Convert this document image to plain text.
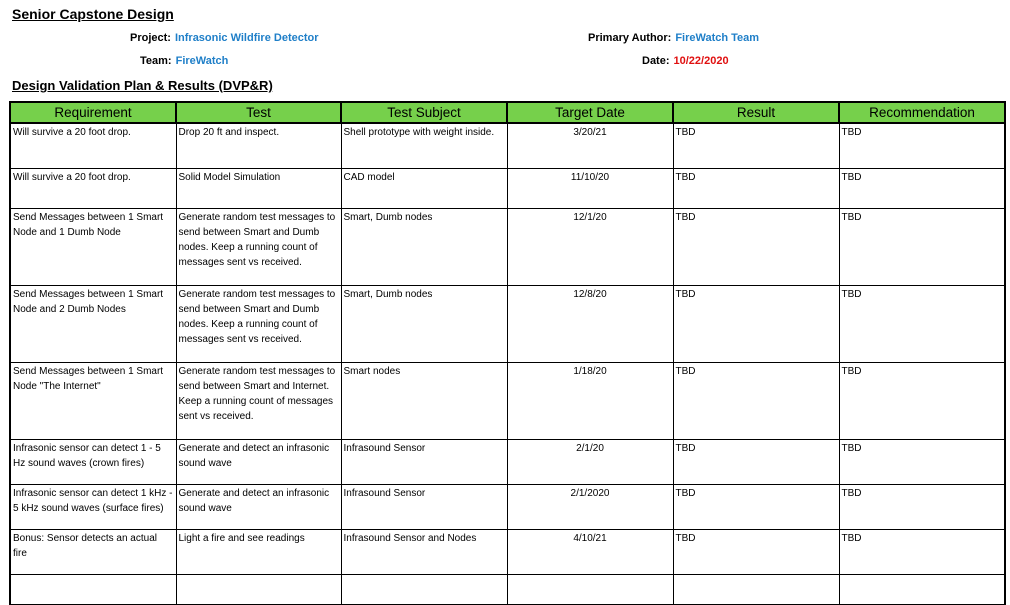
Senior Capstone Design
Project: Infrasonic Wildfire Detector
Team: FireWatch
Primary Author: FireWatch Team
Date: 10/22/2020
Design Validation Plan & Results (DVP&R)
Requirement	Test	Test Subject	Target Date	Result	Recommendation
Will survive a 20 foot drop.	Drop 20 ft and inspect.	Shell prototype with weight inside.	3/20/21	TBD	TBD
Will survive a 20 foot drop.	Solid Model Simulation	CAD model	11/10/20	TBD	TBD
Send Messages between 1 Smart Node and 1 Dumb Node	Generate random test messages to send between Smart and Dumb nodes. Keep a running count of messages sent vs received.	Smart, Dumb nodes	12/1/20	TBD	TBD
Send Messages between 1 Smart Node and 2 Dumb Nodes	Generate random test messages to send between Smart and Dumb nodes. Keep a running count of messages sent vs received.	Smart, Dumb nodes	12/8/20	TBD	TBD
Send Messages between 1 Smart Node "The Internet"	Generate random test messages to send between Smart and Internet. Keep a running count of messages sent vs received.	Smart nodes	1/18/20	TBD	TBD
Infrasonic sensor can detect 1 - 5 Hz sound waves (crown fires)	Generate and detect an infrasonic sound wave	Infrasound Sensor	2/1/20	TBD	TBD
Infrasonic sensor can detect 1 kHz - 5 kHz sound waves (surface fires)	Generate and detect an infrasonic sound wave	Infrasound Sensor	2/1/2020	TBD	TBD
Bonus: Sensor detects an actual fire	Light a fire and see readings	Infrasound Sensor and Nodes	4/10/21	TBD	TBD
